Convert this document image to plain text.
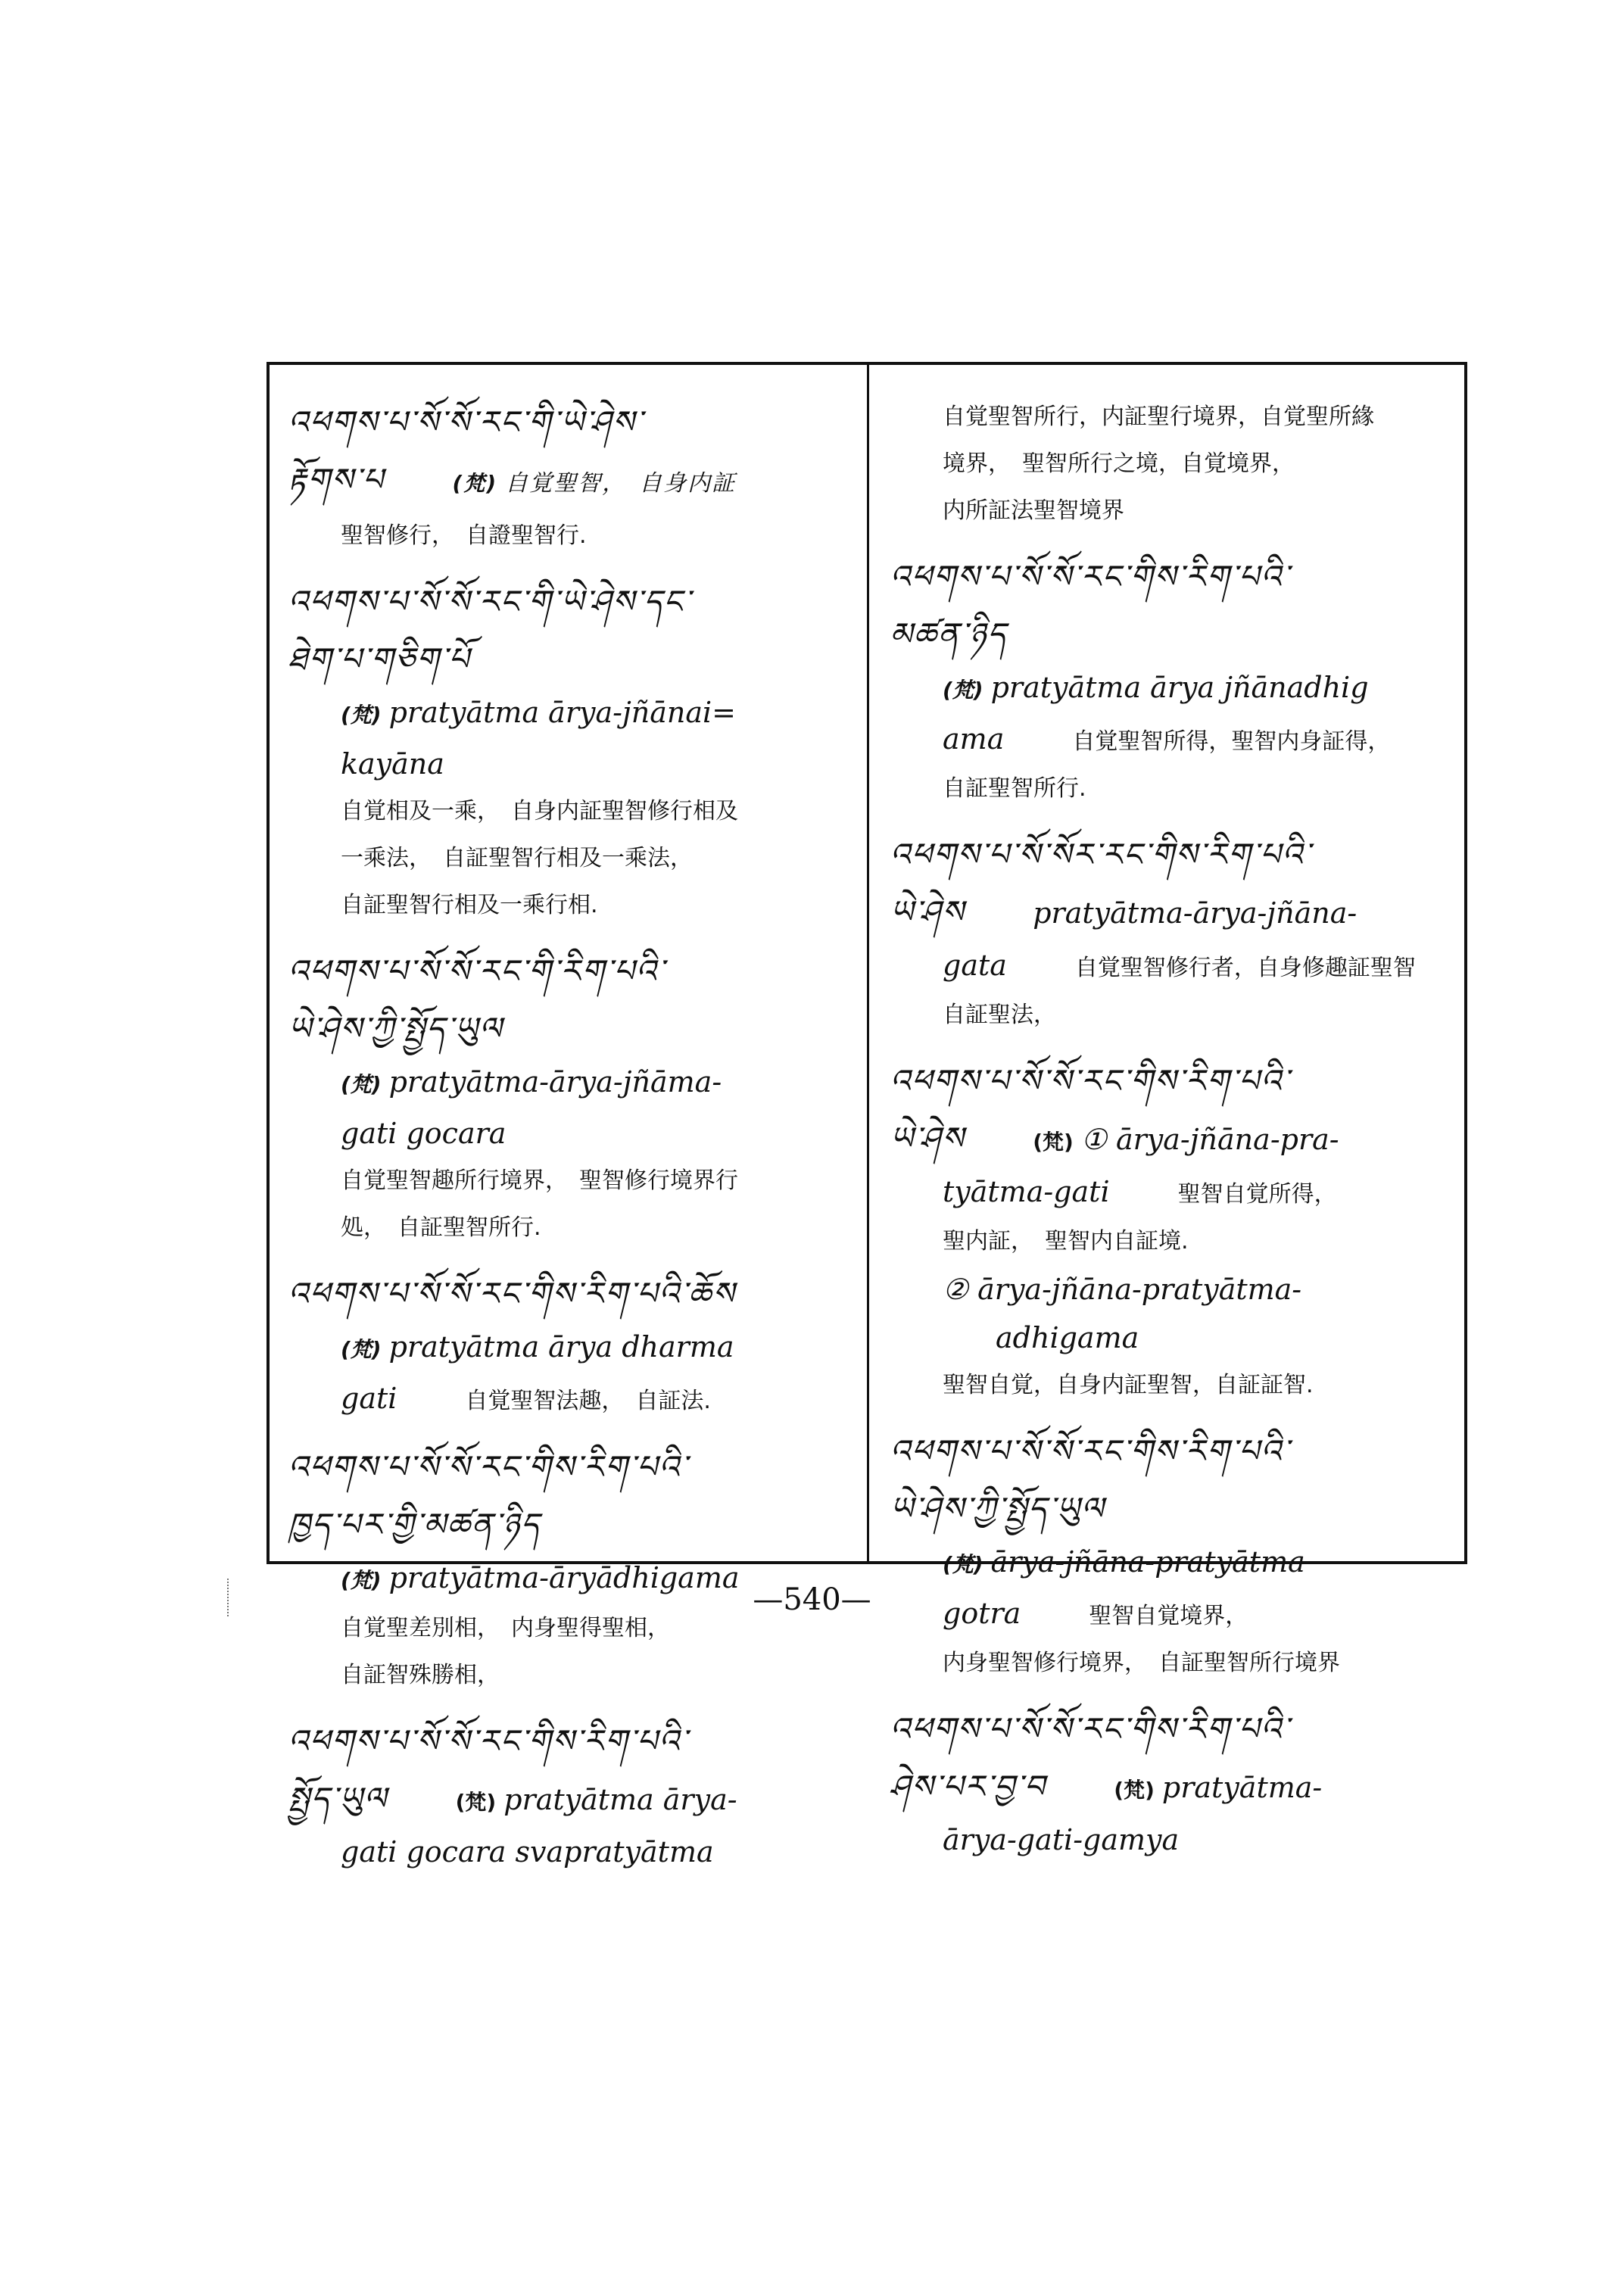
འཕགས་པ་སོ་སོ་རང་གི་ཡེ་ཤེས་
རྟོགས་པ	(梵) 自覚聖智，　自身内証
聖智修行，　自證聖智行.
འཕགས་པ་སོ་སོ་རང་གི་ཡེ་ཤེས་དང་
ཐེག་པ་གཅིག་པོ
(梵) pratyātma ārya-jñānai=
kayāna
自覚相及一乘，　自身内証聖智修行相及
一乘法，　自証聖智行相及一乘法，
自証聖智行相及一乘行相.
འཕགས་པ་སོ་སོ་རང་གི་རིག་པའི་
ཡེ་ཤེས་ཀྱི་སྤྱོད་ཡུལ
(梵) pratyātma-ārya-jñāma-
gati gocara
自覚聖智趣所行境界，　聖智修行境界行
処，　自証聖智所行.
འཕགས་པ་སོ་སོ་རང་གིས་རིག་པའི་ཆོས
(梵) pratyātma ārya dharma
gati	自覚聖智法趣，　自証法.
འཕགས་པ་སོ་སོ་རང་གིས་རིག་པའི་
ཁྱད་པར་གྱི་མཚན་ཉིད
(梵) pratyātma-āryādhigama
自覚聖差別相，　内身聖得聖相，
自証智殊勝相，
འཕགས་པ་སོ་སོ་རང་གིས་རིག་པའི་
སྤྱོད་ཡུལ	(梵) pratyātma ārya-
gati gocara svapratyātma
自覚聖智所行，内証聖行境界，自覚聖所緣
境界，　聖智所行之境，自覚境界，
内所証法聖智境界
འཕགས་པ་སོ་སོ་རང་གིས་རིག་པའི་
མཚན་ཉིད
(梵) pratyātma ārya jñānadhig
ama	自覚聖智所得，聖智内身証得，
自証聖智所行.
འཕགས་པ་སོ་སོར་རང་གིས་རིག་པའི་
ཡེ་ཤེས pratyātma-ārya-jñāna-
gata	自覚聖智修行者，自身修趣証聖智
自証聖法，
འཕགས་པ་སོ་སོ་རང་གིས་རིག་པའི་
ཡེ་ཤེས	(梵) ① ārya-jñāna-pra-
tyātma-gati	聖智自覚所得，
聖内証，　聖智内自証境.
② ārya-jñāna-pratyātma-
adhigama
聖智自覚，自身内証聖智，自証証智.
འཕགས་པ་སོ་སོ་རང་གིས་རིག་པའི་
ཡེ་ཤེས་ཀྱི་སྤྱོད་ཡུལ
(梵) ārya-jñāna-pratyātma
gotra	聖智自覚境界，
内身聖智修行境界，　自証聖智所行境界
འཕགས་པ་སོ་སོ་རང་གིས་རིག་པའི་
ཤེས་པར་བྱ་བ	(梵) pratyātma-
ārya-gati-gamya
—540—
